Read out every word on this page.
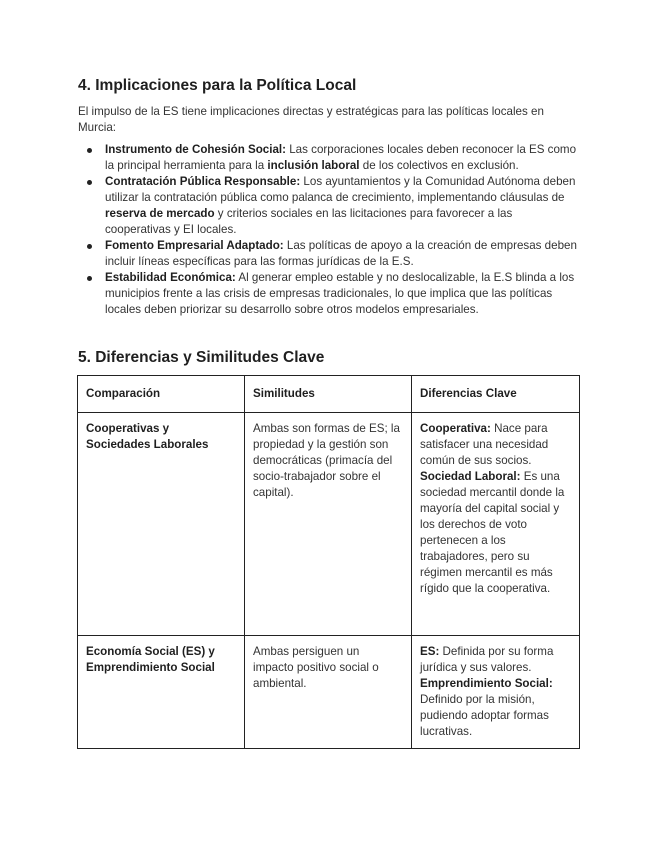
4. Implicaciones para la Política Local

El impulso de la ES tiene implicaciones directas y estratégicas para las políticas locales en Murcia:

Instrumento de Cohesión Social: Las corporaciones locales deben reconocer la ES como la principal herramienta para la inclusión laboral de los colectivos en exclusión.
Contratación Pública Responsable: Los ayuntamientos y la Comunidad Autónoma deben utilizar la contratación pública como palanca de crecimiento, implementando cláusulas de reserva de mercado y criterios sociales en las licitaciones para favorecer a las cooperativas y EI locales.
Fomento Empresarial Adaptado: Las políticas de apoyo a la creación de empresas deben incluir líneas específicas para las formas jurídicas de la E.S.
Estabilidad Económica: Al generar empleo estable y no deslocalizable, la E.S blinda a los municipios frente a las crisis de empresas tradicionales, lo que implica que las políticas locales deben priorizar su desarrollo sobre otros modelos empresariales.
5. Diferencias y Similitudes Clave
Comparación	Similitudes	Diferencias Clave
Cooperativas y Sociedades Laborales	Ambas son formas de ES; la propiedad y la gestión son democráticas (primacía del socio-trabajador sobre el capital).	Cooperativa: Nace para satisfacer una necesidad común de sus socios.
Sociedad Laboral: Es una sociedad mercantil donde la mayoría del capital social y los derechos de voto pertenecen a los trabajadores, pero su régimen mercantil es más rígido que la cooperativa.

Economía Social (ES) y Emprendimiento Social	Ambas persiguen un impacto positivo social o ambiental.	ES: Definida por su forma jurídica y sus valores.
Emprendimiento Social: Definido por la misión, pudiendo adoptar formas lucrativas.
